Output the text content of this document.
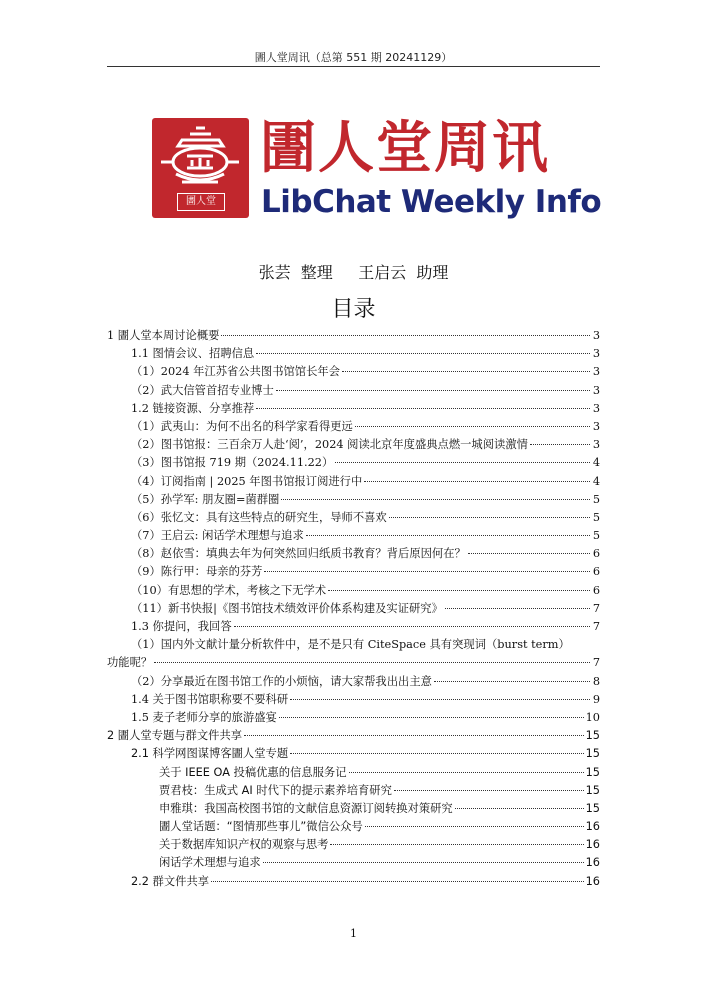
圕人堂周讯（总第 551 期 20241129）
圕人堂
圕人堂周讯
LibChat Weekly Info
张芸  整理     王启云  助理
目录
1 圕人堂本周讨论概要	3
1.1 图情会议、招聘信息	3
（1）2024 年江苏省公共图书馆馆长年会	3
（2）武大信管首招专业博士	3
1.2 链接资源、分享推荐	3
（1）武夷山：为何不出名的科学家看得更远	3
（2）图书馆报：三百余万人赴‘阅’，2024 阅读北京年度盛典点燃一城阅读激情	3
（3）图书馆报 719 期（2024.11.22）	4
（4）订阅指南 | 2025 年图书馆报订阅进行中	4
（5）孙学军: 朋友圈=菌群圈	5
（6）张忆文：具有这些特点的研究生，导师不喜欢	5
（7）王启云: 闲话学术理想与追求	5
（8）赵依雪：填典去年为何突然回归纸质书教育？背后原因何在？	6
（9）陈行甲：母亲的芬芳	6
（10）有思想的学术，考核之下无学术	6
（11）新书快报|《图书馆技术绩效评价体系构建及实证研究》	7
1.3 你提问，我回答	7
（1）国内外文献计量分析软件中，是不是只有 CiteSpace 具有突现词（burst term）
功能呢？	7
（2）分享最近在图书馆工作的小烦恼，请大家帮我出出主意	8
1.4 关于图书馆职称要不要科研	9
1.5 麦子老师分享的旅游盛宴	10
2 圕人堂专题与群文件共享	15
2.1 科学网图谋博客圕人堂专题	15
关于 IEEE OA 投稿优惠的信息服务记	15
贾君枝：生成式 AI 时代下的提示素养培育研究	15
申雅琪：我国高校图书馆的文献信息资源订阅转换对策研究	15
圕人堂话题：“图情那些事儿”微信公众号	16
关于数据库知识产权的观察与思考	16
闲话学术理想与追求	16
2.2 群文件共享	16
1
